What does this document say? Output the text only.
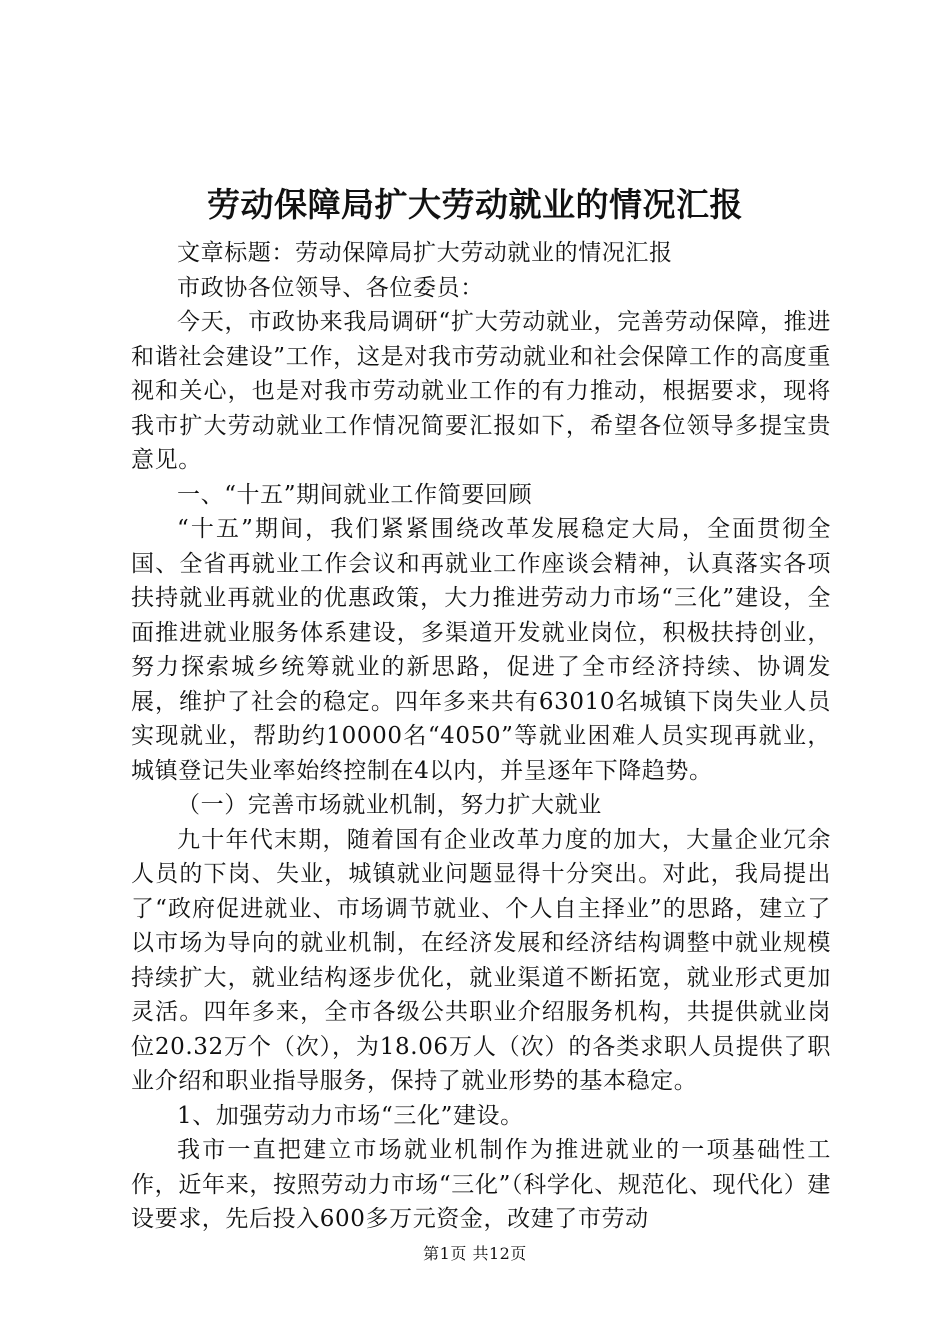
劳动保障局扩大劳动就业的情况汇报

文章标题：劳动保障局扩大劳动就业的情况汇报

市政协各位领导、各位委员：

今天，市政协来我局调研“扩大劳动就业，完善劳动保障，推进和谐社会建设”工作，这是对我市劳动就业和社会保障工作的高度重视和关心，也是对我市劳动就业工作的有力推动，根据要求，现将我市扩大劳动就业工作情况简要汇报如下，希望各位领导多提宝贵意见。

一、“十五”期间就业工作简要回顾

“十五”期间，我们紧紧围绕改革发展稳定大局，全面贯彻全国、全省再就业工作会议和再就业工作座谈会精神，认真落实各项扶持就业再就业的优惠政策，大力推进劳动力市场“三化”建设，全面推进就业服务体系建设，多渠道开发就业岗位，积极扶持创业，努力探索城乡统筹就业的新思路，促进了全市经济持续、协调发展，维护了社会的稳定。四年多来共有63010名城镇下岗失业人员实现就业，帮助约10000名“4050”等就业困难人员实现再就业，城镇登记失业率始终控制在4以内，并呈逐年下降趋势。

（一）完善市场就业机制，努力扩大就业

九十年代末期，随着国有企业改革力度的加大，大量企业冗余人员的下岗、失业，城镇就业问题显得十分突出。对此，我局提出了“政府促进就业、市场调节就业、个人自主择业”的思路，建立了以市场为导向的就业机制，在经济发展和经济结构调整中就业规模持续扩大，就业结构逐步优化，就业渠道不断拓宽，就业形式更加灵活。四年多来，全市各级公共职业介绍服务机构，共提供就业岗位20.32万个（次），为18.06万人（次）的各类求职人员提供了职业介绍和职业指导服务，保持了就业形势的基本稳定。

1、加强劳动力市场“三化”建设。

我市一直把建立市场就业机制作为推进就业的一项基础性工作，近年来，按照劳动力市场“三化”（科学化、规范化、现代化）建设要求，先后投入600多万元资金，改建了市劳动

第1页 共12页
